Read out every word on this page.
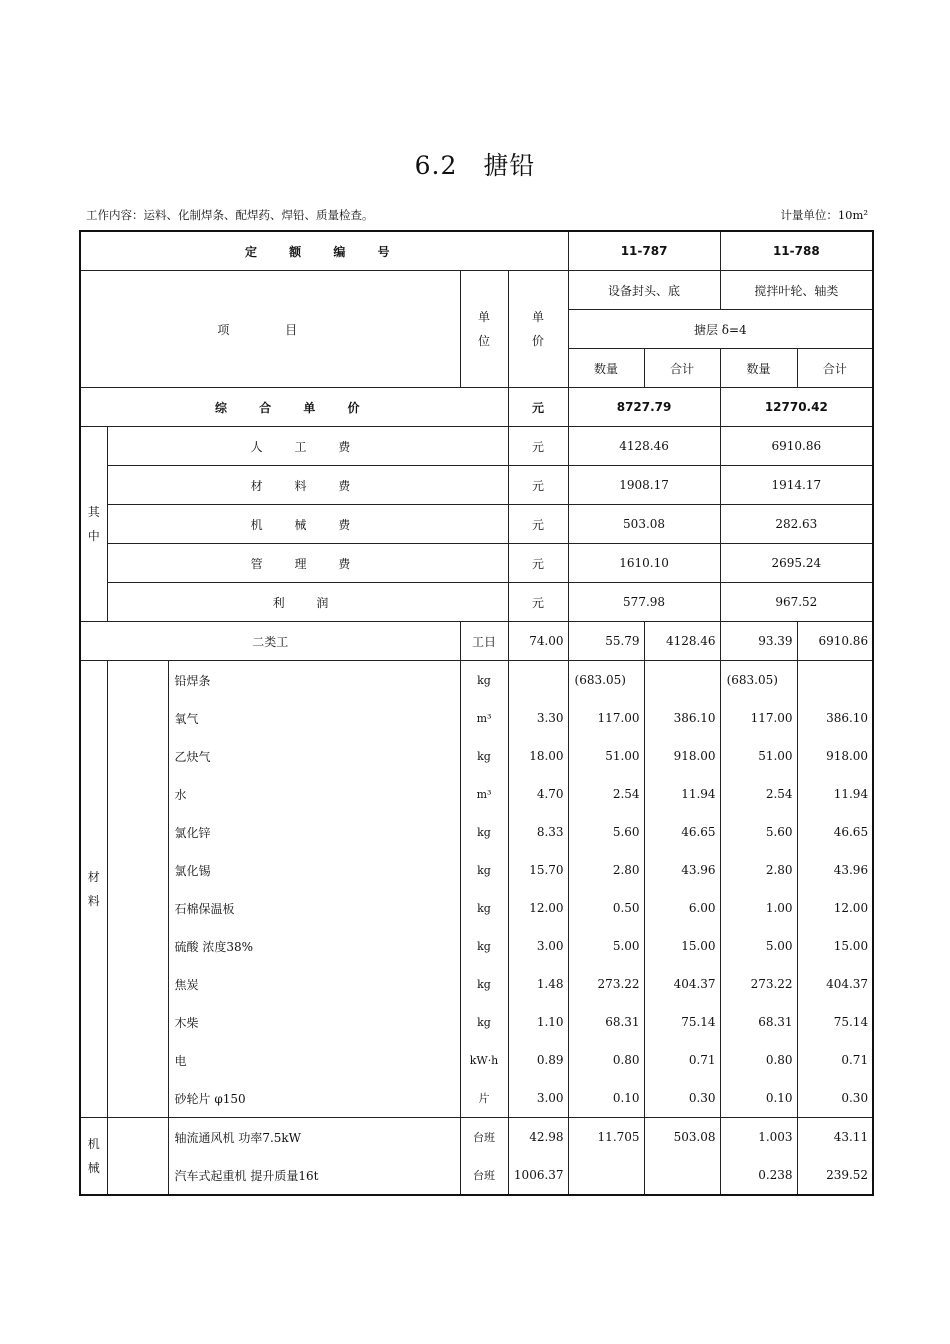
6.2 搪铅
工作内容：运料、化制焊条、配焊药、焊铅、质量检查。	计量单位：10m²
定 额 编 号					11-787		11-788	
项 目			单位	单价	设备封头、底		搅拌叶轮、轴类	
					搪层 δ=4			
					数量	合计	数量	合计
综 合 单 价				元	8727.79		12770.42	
其中	人 工 费			元	4128.46		6910.86	
	材 料 费			元	1908.17		1914.17	
	机 械 费			元	503.08		282.63	
	管 理 费			元	1610.10		2695.24	
	利 润			元	577.98		967.52	
二类工			工日	74.00	55.79	4128.46	93.39	6910.86
材料		铅焊条	kg		(683.05)		(683.05)	
		氧气	m³	3.30	117.00	386.10	117.00	386.10
		乙炔气	kg	18.00	51.00	918.00	51.00	918.00
		水	m³	4.70	2.54	11.94	2.54	11.94
		氯化锌	kg	8.33	5.60	46.65	5.60	46.65
		氯化锡	kg	15.70	2.80	43.96	2.80	43.96
		石棉保温板	kg	12.00	0.50	6.00	1.00	12.00
		硫酸 浓度38%	kg	3.00	5.00	15.00	5.00	15.00
		焦炭	kg	1.48	273.22	404.37	273.22	404.37
		木柴	kg	1.10	68.31	75.14	68.31	75.14
		电	kW·h	0.89	0.80	0.71	0.80	0.71
		砂轮片 φ150	片	3.00	0.10	0.30	0.10	0.30
机械		轴流通风机 功率7.5kW	台班	42.98	11.705	503.08	1.003	43.11
		汽车式起重机 提升质量16t	台班	1006.37			0.238	239.52
